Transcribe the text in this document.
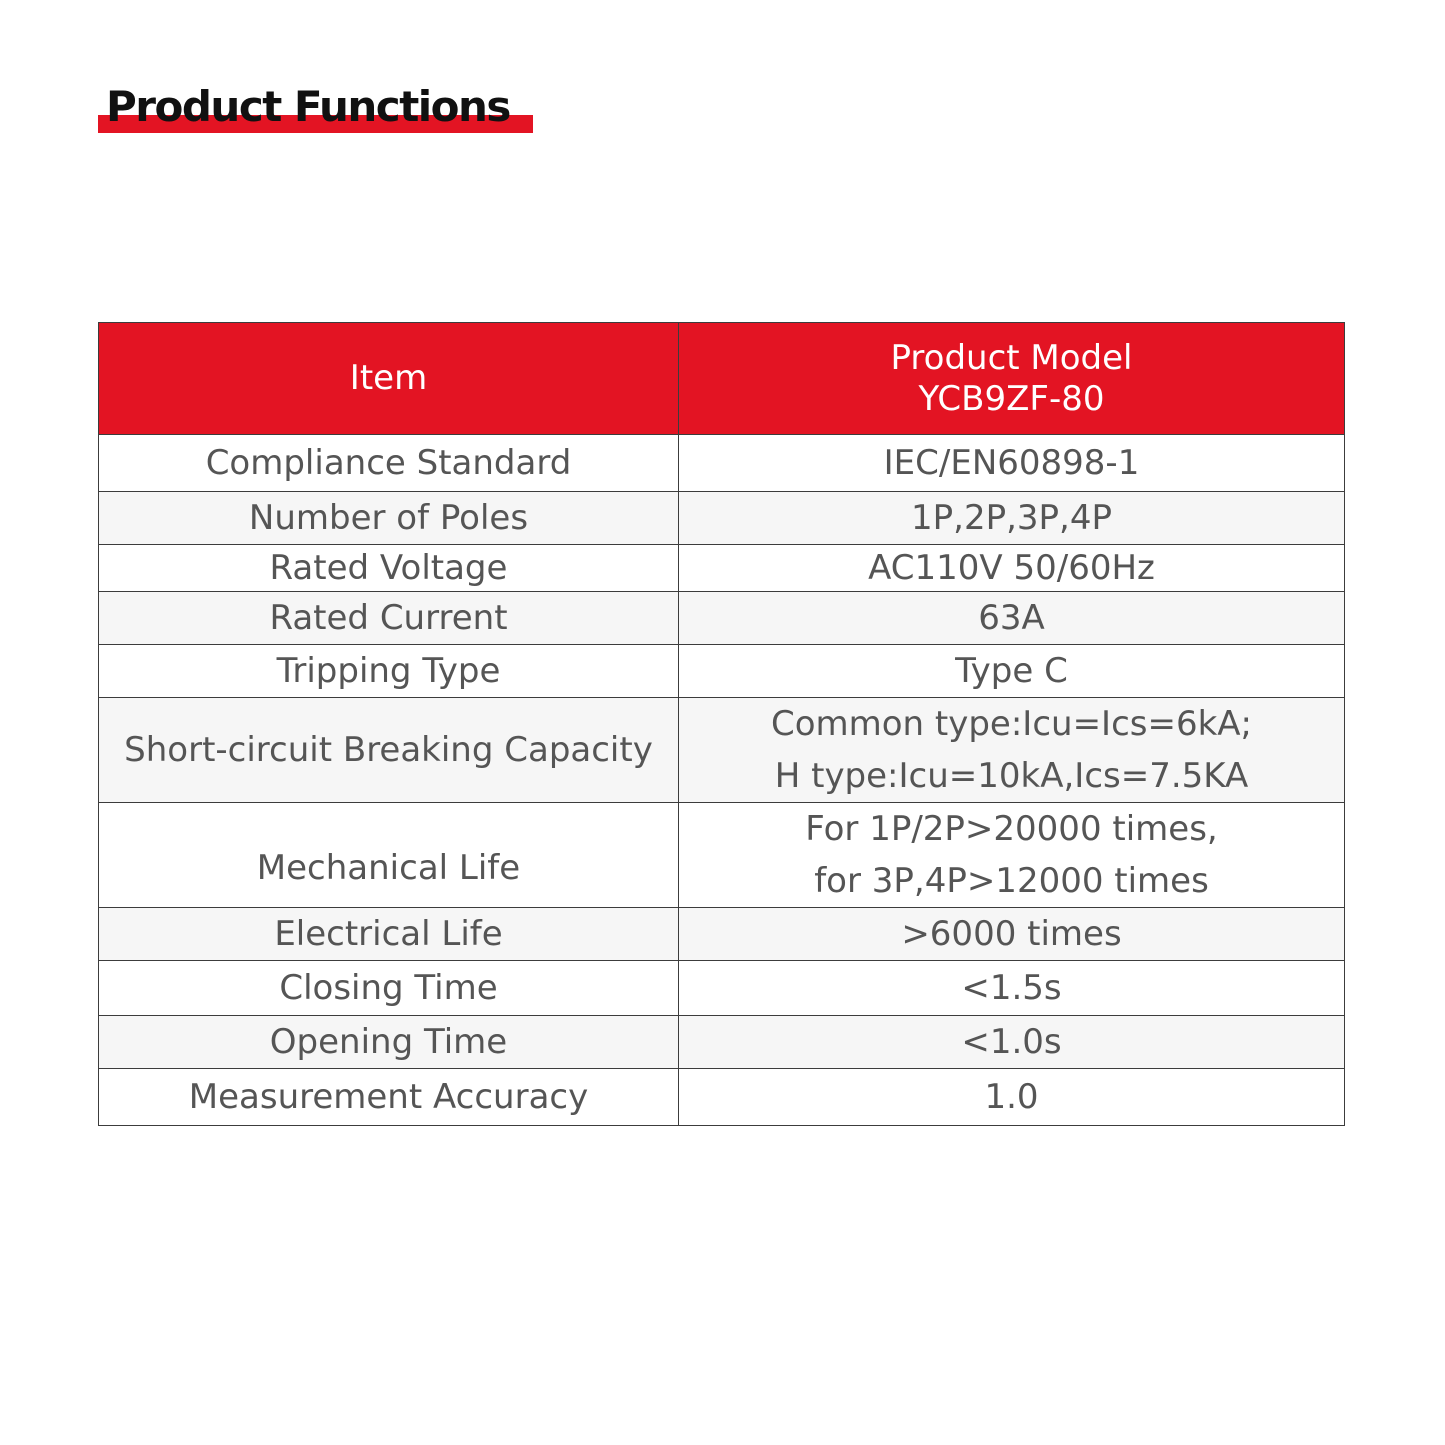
Product Functions
Item	Product Model
YCB9ZF-80

Compliance Standard	IEC/EN60898-1
Number of Poles	1P,2P,3P,4P
Rated Voltage	AC110V 50/60Hz
Rated Current	63A
Tripping Type	Type C
Short-circuit Breaking Capacity	Common type:Icu=Ics=6kA;
H type:Icu=10kA,Ics=7.5KA

Mechanical Life	For 1P/2P>20000 times,
for 3P,4P>12000 times

Electrical Life	>6000 times
Closing Time	<1.5s
Opening Time	<1.0s
Measurement Accuracy	1.0
